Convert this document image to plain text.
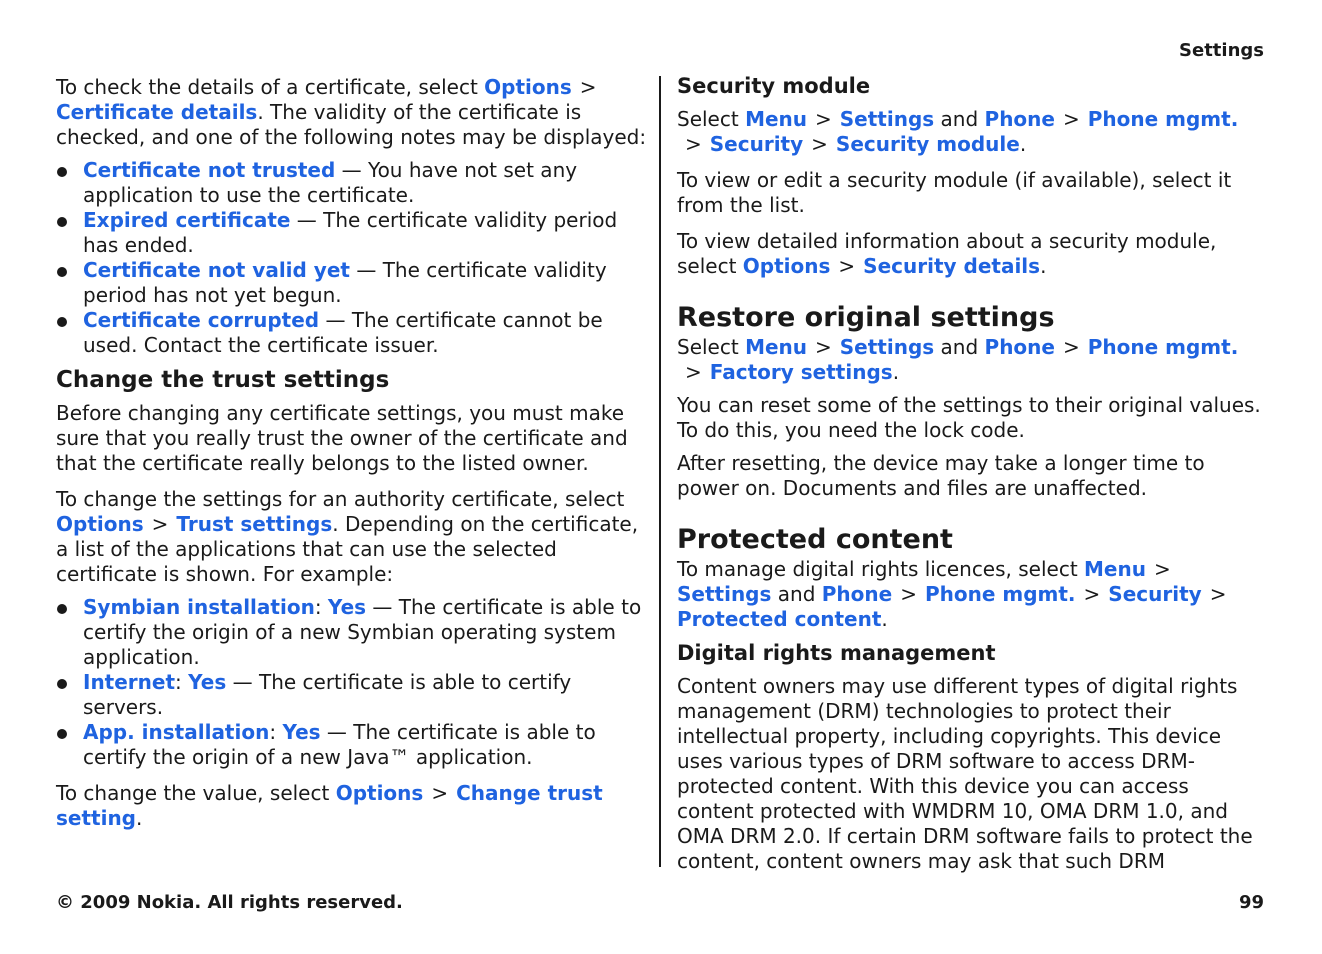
Settings

To check the details of a certificate, select Options >Certificate details. The validity of the certificate is checked, and one of the following notes may be displayed:

Certificate not trusted — You have not set any application to use the certificate.
Expired certificate — The certificate validity period has ended.
Certificate not valid yet — The certificate validity period has not yet begun.
Certificate corrupted — The certificate cannot be used. Contact the certificate issuer.
Change the trust settings

Before changing any certificate settings, you must make sure that you really trust the owner of the certificate and that the certificate really belongs to the listed owner.

To change the settings for an authority certificate, select Options > Trust settings. Depending on the certificate, a list of the applications that can use the selected certificate is shown. For example:

Symbian installation: Yes — The certificate is able to certify the origin of a new Symbian operating system application.
Internet: Yes — The certificate is able to certify servers.
App. installation: Yes — The certificate is able to certify the origin of a new Java™ application.

To change the value, select Options > Change trust setting.

Security module

Select Menu > Settings and Phone > Phone mgmt.> Security > Security module.

To view or edit a security module (if available), select it from the list.

To view detailed information about a security module, select Options > Security details.

Restore original settings

Select Menu > Settings and Phone > Phone mgmt.> Factory settings.

You can reset some of the settings to their original values. To do this, you need the lock code.

After resetting, the device may take a longer time to power on. Documents and files are unaffected.

Protected content

To manage digital rights licences, select Menu >Settings and Phone > Phone mgmt. > Security >Protected content.

Digital rights management

Content owners may use different types of digital rights management (DRM) technologies to protect their intellectual property, including copyrights. This device uses various types of DRM software to access DRM-protected content. With this device you can access content protected with WMDRM 10, OMA DRM 1.0, and OMA DRM 2.0. If certain DRM software fails to protect the content, content owners may ask that such DRM

© 2009 Nokia. All rights reserved.	99
